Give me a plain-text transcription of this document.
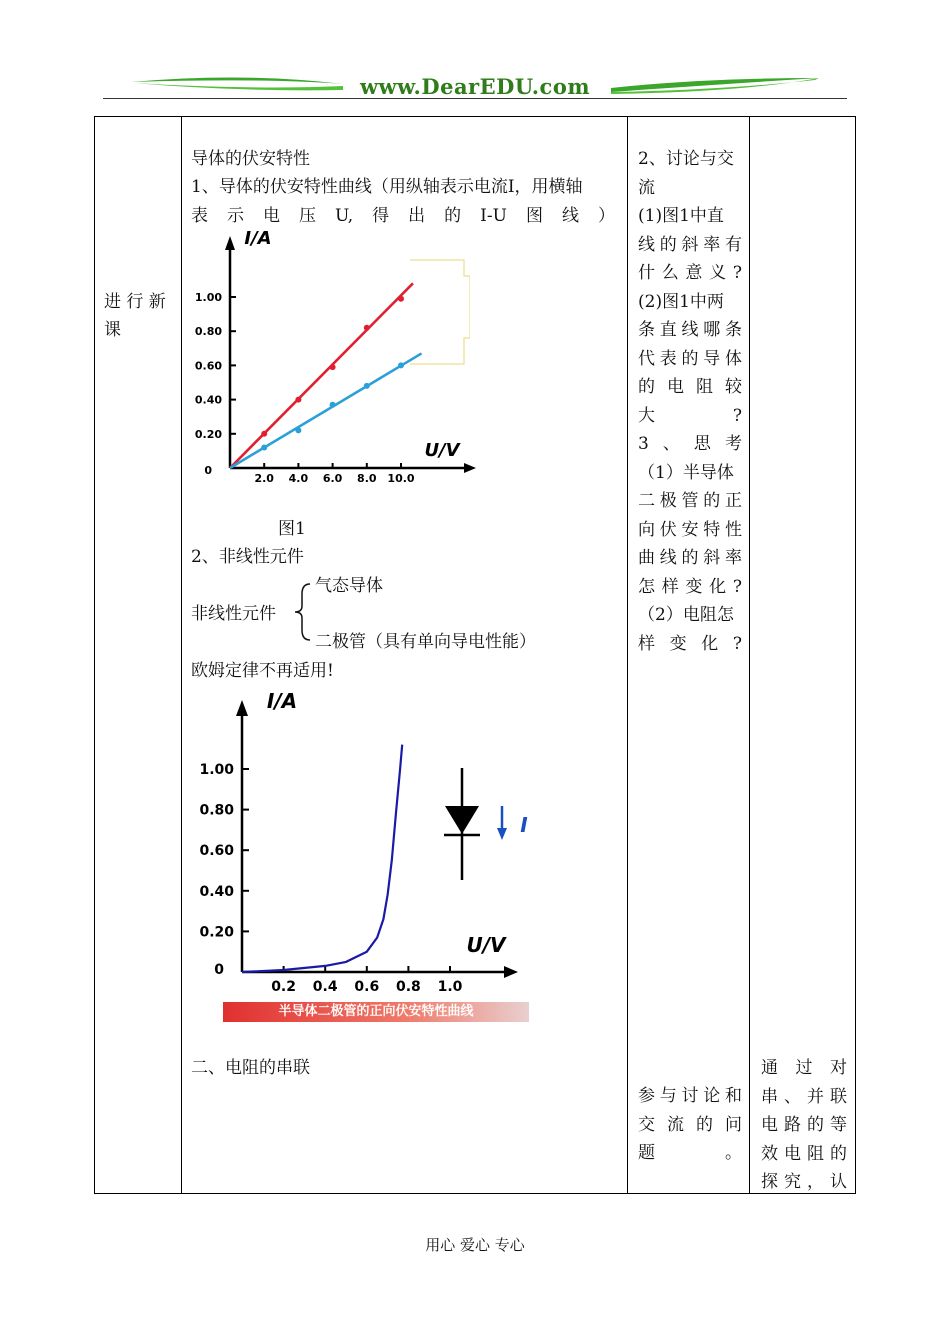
www.DearEDU.com
进 行 新 课
导体的伏安特性
1、导体的伏安特性曲线（用纵轴表示电流I，用横轴
表 示 电 压 U, 得 出 的 I-U 图 线 ）
I/A
U/V
2.0 4.0 6.0 8.0 10.0
0
0.20
0.40
0.60
0.80
1.00
图1
2、非线性元件
非线性元件
气态导体
二极管（具有单向导电性能）
欧姆定律不再适用!
I/A
U/V
0.2 0.4 0.6 0.8 1.0
0
0.20
0.40
0.60
0.80
1.00
I
半导体二极管的正向伏安特性曲线
二、电阻的串联
2、讨论与交
流
(1)图1中直
线的斜率有
什么意义?
(2)图1中两
条直线哪条
代表的导体
的电阻较
大?
3、思考
（1）半导体
二极管的正
向伏安特性
曲线的斜率
怎样变化?
（2）电阻怎
样变化?
参与讨论和
交流的问
题。
通过对
串、并联
电路的等
效电阻的
探究，认
用心 爱心 专心
